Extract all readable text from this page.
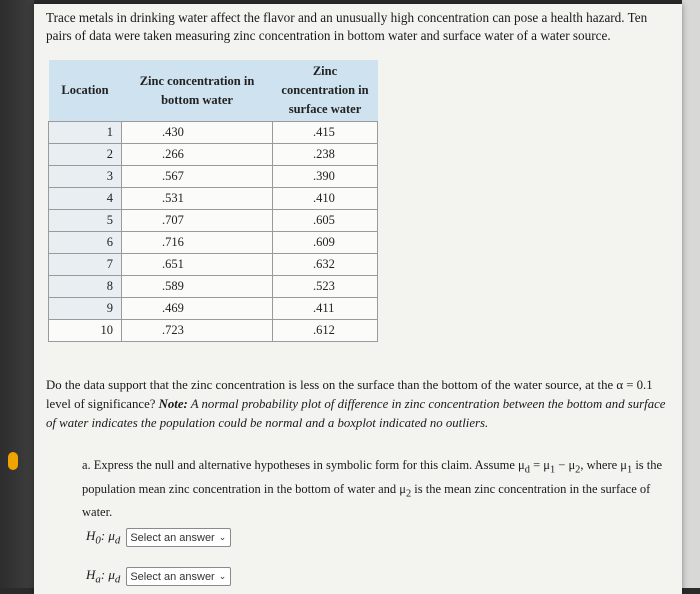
Trace metals in drinking water affect the flavor and an unusually high concentration can pose a health hazard. Ten pairs of data were taken measuring zinc concentration in bottom water and surface water of a water source.
Location	Zinc concentration in bottom water	Zinc concentration in surface water
1	.430	.415
2	.266	.238
3	.567	.390
4	.531	.410
5	.707	.605
6	.716	.609
7	.651	.632
8	.589	.523
9	.469	.411
10	.723	.612
Do the data support that the zinc concentration is less on the surface than the bottom of the water source, at the α = 0.1 level of significance? Note: A normal probability plot of difference in zinc concentration between the bottom and surface of water indicates the population could be normal and a boxplot indicated no outliers.
a. Express the null and alternative hypotheses in symbolic form for this claim. Assume $\mu_d = \mu_1 - \mu_2$, where $\mu_1$ is the population mean zinc concentration in the bottom of water and $\mu_2$ is the mean zinc concentration in the surface of water.
$H_0$: $\mu_d$ Select an answer ⌄
$H_a$: $\mu_d$ Select an answer ⌄
